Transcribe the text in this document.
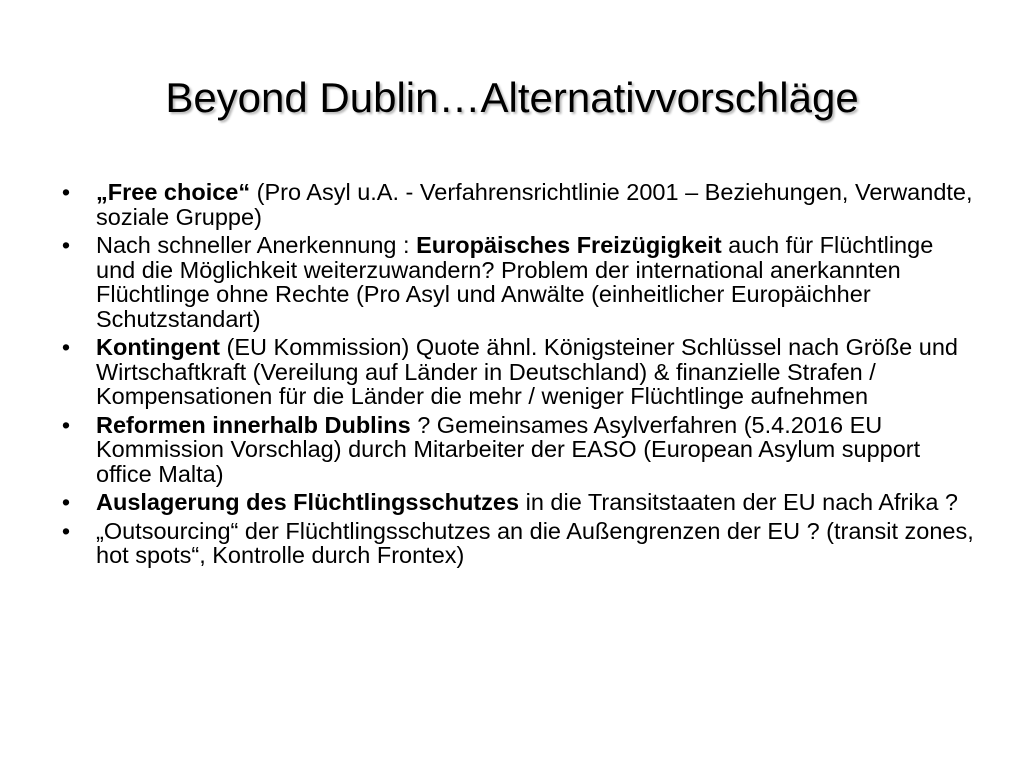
Beyond Dublin…Alternativvorschläge
• „Free choice“ (Pro Asyl u.A. - Verfahrensrichtlinie 2001 – Beziehungen, Verwandte, soziale Gruppe)
• Nach schneller Anerkennung : Europäisches Freizügigkeit auch für Flüchtlinge und die Möglichkeit weiterzuwandern? Problem der international anerkannten Flüchtlinge ohne Rechte (Pro Asyl und Anwälte (einheitlicher Europäichher Schutzstandart)
• Kontingent (EU Kommission) Quote ähnl. Königsteiner Schlüssel nach Größe und Wirtschaftkraft (Vereilung auf Länder in Deutschland) & finanzielle Strafen / Kompensationen für die Länder die mehr / weniger Flüchtlinge aufnehmen
• Reformen innerhalb Dublins ? Gemeinsames Asylverfahren (5.4.2016 EU Kommission Vorschlag) durch Mitarbeiter der EASO (European Asylum support office Malta)
• Auslagerung des Flüchtlingsschutzes in die Transitstaaten der EU nach Afrika ?
• „Outsourcing“ der Flüchtlingsschutzes an die Außengrenzen der EU ? (transit zones, hot spots“, Kontrolle durch Frontex)
